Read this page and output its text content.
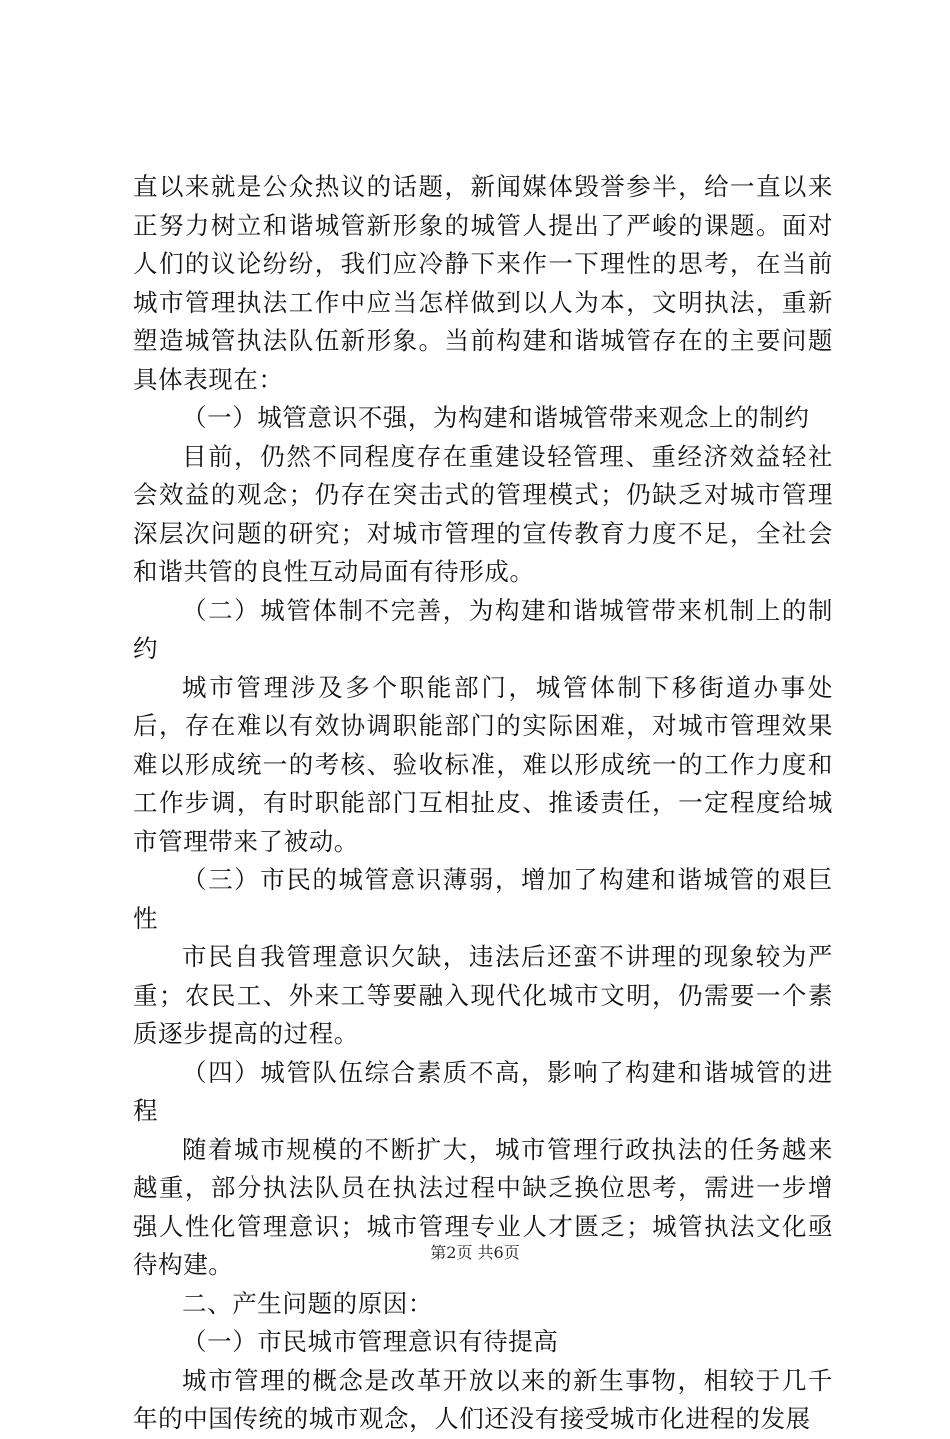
直以来就是公众热议的话题，新闻媒体毁誉参半，给一直以来正努力树立和谐城管新形象的城管人提出了严峻的课题。面对人们的议论纷纷，我们应冷静下来作一下理性的思考，在当前城市管理执法工作中应当怎样做到以人为本，文明执法，重新塑造城管执法队伍新形象。当前构建和谐城管存在的主要问题具体表现在：

（一）城管意识不强，为构建和谐城管带来观念上的制约

目前，仍然不同程度存在重建设轻管理、重经济效益轻社会效益的观念；仍存在突击式的管理模式；仍缺乏对城市管理深层次问题的研究；对城市管理的宣传教育力度不足，全社会和谐共管的良性互动局面有待形成。

（二）城管体制不完善，为构建和谐城管带来机制上的制约

城市管理涉及多个职能部门，城管体制下移街道办事处后，存在难以有效协调职能部门的实际困难，对城市管理效果难以形成统一的考核、验收标准，难以形成统一的工作力度和工作步调，有时职能部门互相扯皮、推诿责任，一定程度给城市管理带来了被动。

（三）市民的城管意识薄弱，增加了构建和谐城管的艰巨性

市民自我管理意识欠缺，违法后还蛮不讲理的现象较为严重；农民工、外来工等要融入现代化城市文明，仍需要一个素质逐步提高的过程。

（四）城管队伍综合素质不高，影响了构建和谐城管的进程

随着城市规模的不断扩大，城市管理行政执法的任务越来越重，部分执法队员在执法过程中缺乏换位思考，需进一步增强人性化管理意识；城市管理专业人才匮乏；城管执法文化亟待构建。

二、产生问题的原因：

（一）市民城市管理意识有待提高

城市管理的概念是改革开放以来的新生事物，相较于几千年的中国传统的城市观念，人们还没有接受城市化进程的发展

第2页 共6页
